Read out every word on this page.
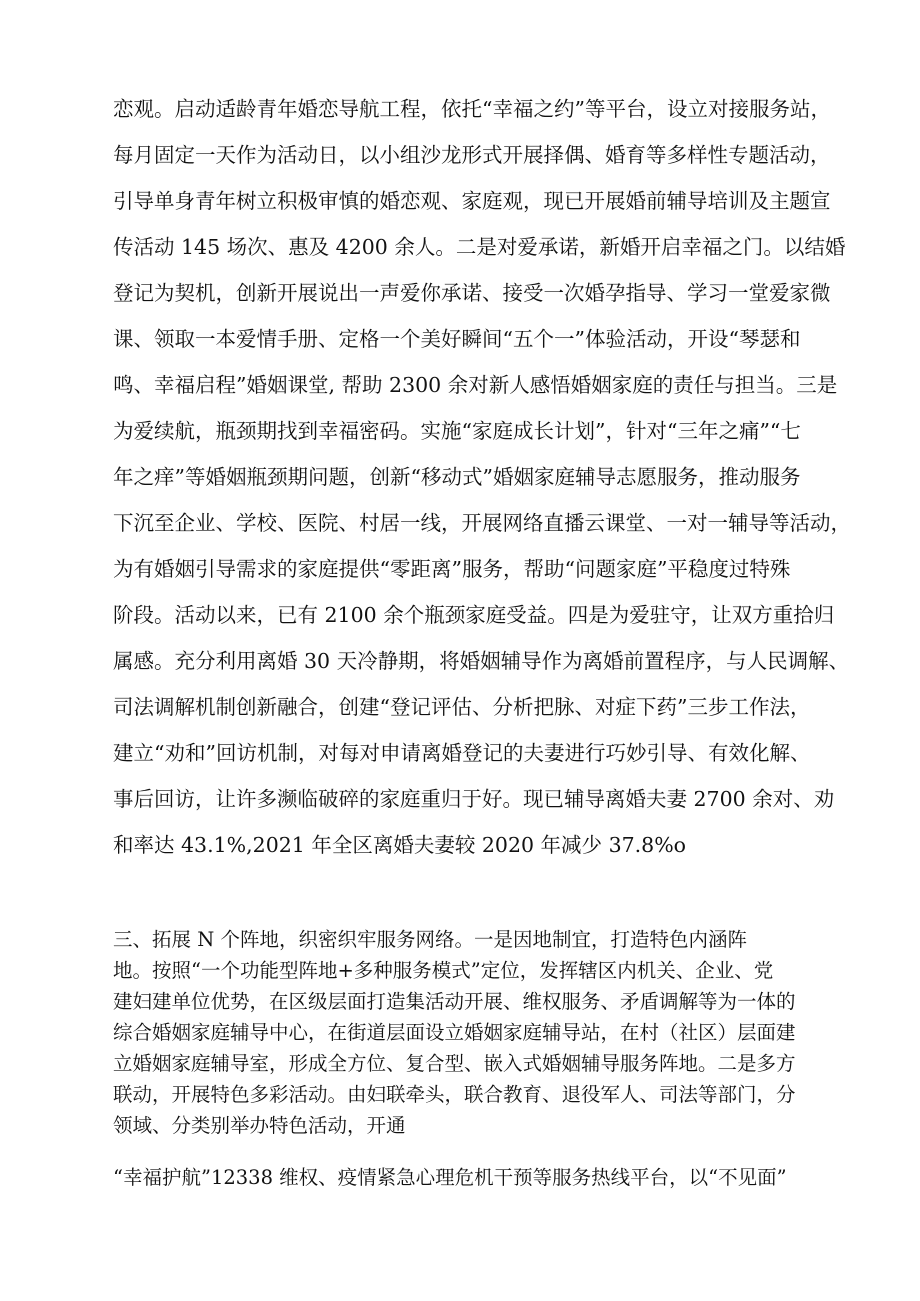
恋观。启动适龄青年婚恋导航工程，依托“幸福之约”等平台，设立对接服务站，
每月固定一天作为活动日，以小组沙龙形式开展择偶、婚育等多样性专题活动，
引导单身青年树立积极审慎的婚恋观、家庭观，现已开展婚前辅导培训及主题宣
传活动 145 场次、惠及 4200 余人。二是对爱承诺，新婚开启幸福之门。以结婚
登记为契机，创新开展说出一声爱你承诺、接受一次婚孕指导、学习一堂爱家微
课、领取一本爱情手册、定格一个美好瞬间“五个一”体验活动，开设“琴瑟和
鸣、幸福启程”婚姻课堂, 帮助 2300 余对新人感悟婚姻家庭的责任与担当。三是
为爱续航，瓶颈期找到幸福密码。实施“家庭成长计划”，针对“三年之痛”“七
年之痒”等婚姻瓶颈期问题，创新“移动式”婚姻家庭辅导志愿服务，推动服务
下沉至企业、学校、医院、村居一线，开展网络直播云课堂、一对一辅导等活动，
为有婚姻引导需求的家庭提供“零距离”服务，帮助“问题家庭”平稳度过特殊
阶段。活动以来，已有 2100 余个瓶颈家庭受益。四是为爱驻守，让双方重拾归
属感。充分利用离婚 30 天冷静期，将婚姻辅导作为离婚前置程序，与人民调解、
司法调解机制创新融合，创建“登记评估、分析把脉、对症下药”三步工作法，
建立“劝和”回访机制，对每对申请离婚登记的夫妻进行巧妙引导、有效化解、
事后回访，让许多濒临破碎的家庭重归于好。现已辅导离婚夫妻 2700 余对、劝
和率达 43.1%,2021 年全区离婚夫妻较 2020 年减少 37.8%o
三、拓展 N 个阵地，织密织牢服务网络。一是因地制宜，打造特色内涵阵
地。按照“一个功能型阵地+多种服务模式”定位，发挥辖区内机关、企业、党
建妇建单位优势，在区级层面打造集活动开展、维权服务、矛盾调解等为一体的
综合婚姻家庭辅导中心，在街道层面设立婚姻家庭辅导站，在村（社区）层面建
立婚姻家庭辅导室，形成全方位、复合型、嵌入式婚姻辅导服务阵地。二是多方
联动，开展特色多彩活动。由妇联牵头，联合教育、退役军人、司法等部门，分
领域、分类别举办特色活动，开通
“幸福护航”12338 维权、疫情紧急心理危机干预等服务热线平台，以“不见面”
